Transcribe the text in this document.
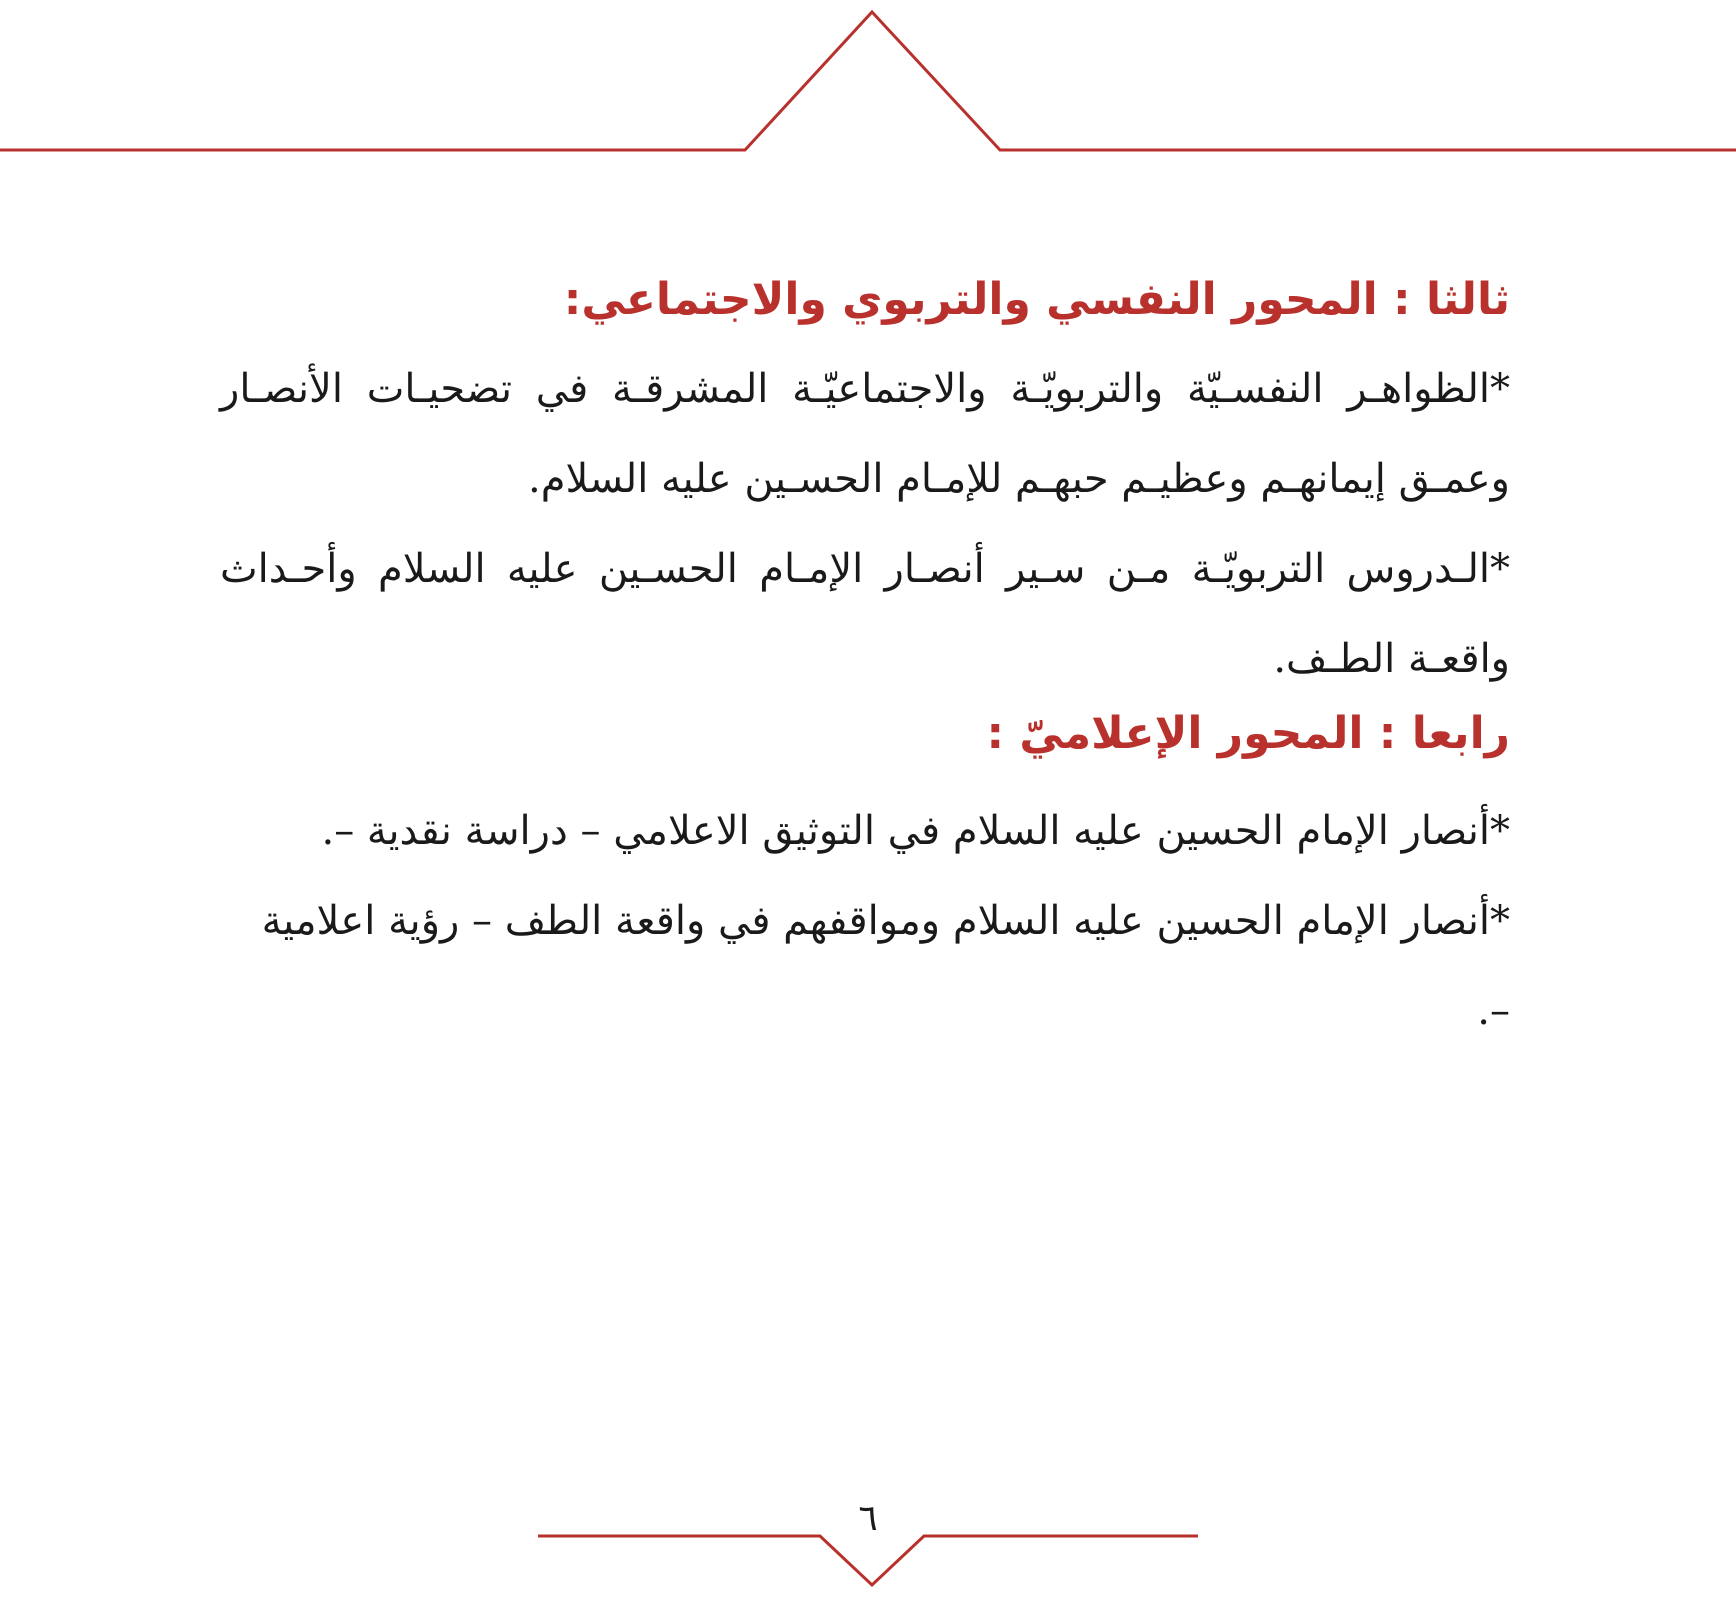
ثالثا : المحور النفسي والتربوي والاجتماعي:

*الظواهـر النفسـيّة والتربويّـة والاجتماعيّـة المشرقـة في تضحيـات الأنصـار وعمـق إيمانهـم وعظيـم حبهـم للإمـام الحسـين عليه السلام.

*الـدروس التربويّـة مـن سـير أنصـار الإمـام الحسـين عليه السلام وأحـداث واقعـة الطـف.

رابعا : المحور الإعلاميّ :

*أنصار الإمام الحسين عليه السلام في التوثيق الاعلامي – دراسة نقدية –.

*أنصار الإمام الحسين عليه السلام ومواقفهم في واقعة الطف – رؤية اعلامية –.

٦
